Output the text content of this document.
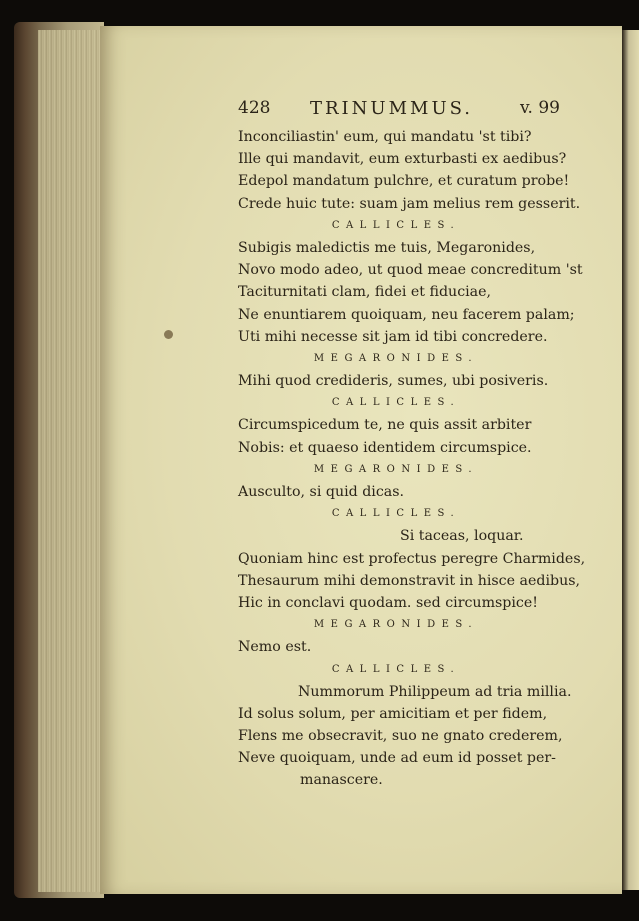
428 TRINUMMUS.	v. 99
Inconciliastin' eum, qui mandatu 'st tibi?
Ille qui mandavit, eum exturbasti ex aedibus?
Edepol mandatum pulchre, et curatum probe!
Crede huic tute: suam jam melius rem gesserit.
CALLICLES.
Subigis maledictis me tuis, Megaronides,
Novo modo adeo, ut quod meae concreditum 'st
Taciturnitati clam, fidei et fiduciae,
Ne enuntiarem quoiquam, neu facerem palam;
Uti mihi necesse sit jam id tibi concredere.
MEGARONIDES.
Mihi quod credideris, sumes, ubi posiveris.
CALLICLES.
Circumspicedum te, ne quis assit arbiter
Nobis: et quaeso identidem circumspice.
MEGARONIDES.
Ausculto, si quid dicas.
CALLICLES.
Si taceas, loquar.
Quoniam hinc est profectus peregre Charmides,
Thesaurum mihi demonstravit in hisce aedibus,
Hic in conclavi quodam. sed circumspice!
MEGARONIDES.
Nemo est.
CALLICLES.
Nummorum Philippeum ad tria millia.
Id solus solum, per amicitiam et per fidem,
Flens me obsecravit, suo ne gnato crederem,
Neve quoiquam, unde ad eum id posset per-
manascere.
